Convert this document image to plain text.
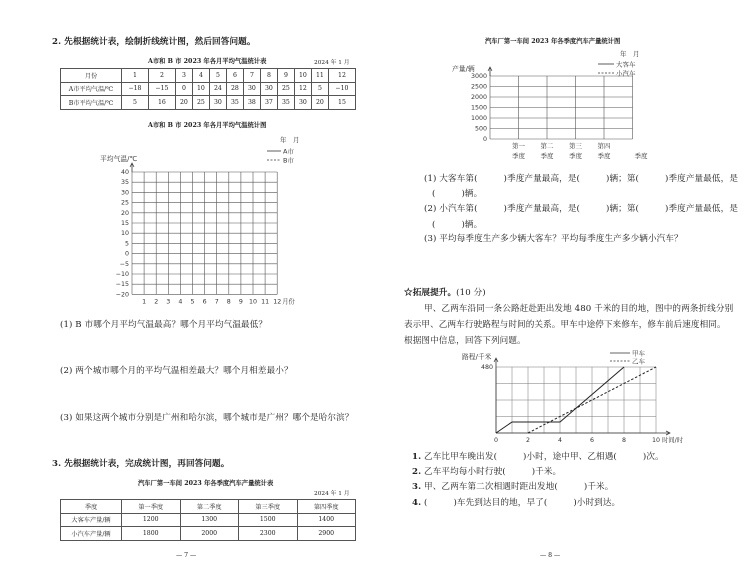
2. 先根据统计表，绘制折线统计图，然后回答问题。
A市和 B 市 2023 年各月平均气温统计表	2024 年 1 月
月份	1	2	3	4	5	6	7	8	9	10	11	12
A市平均气温/℃	−18	−15	0	10	24	28	30	30	25	12	5	−10
B市平均气温/℃	5	16	20	25	30	35	38	37	35	30	20	15
A市和 B 市 2023 年各月平均气温统计图
年　月
A市
B市
平均气温/℃
40
35
30
25
20
15
10
5
0
−5
−10
−15
−20
1 2 3 4 5 6 7 8 9 10 11 12 月份
(1) B 市哪个月平均气温最高？哪个月平均气温最低？
(2) 两个城市哪个月的平均气温相差最大？哪个月相差最小？
(3) 如果这两个城市分别是广州和哈尔滨，哪个城市是广州？哪个是哈尔滨？
3. 先根据统计表，完成统计图，再回答问题。
汽车厂第一车间 2023 年各季度汽车产量统计表
2024 年 1 月
季度	第一季度	第二季度	第三季度	第四季度
大客车产量/辆	1200	1300	1500	1400
小汽车产量/辆	1800	2000	2300	2900
— 7 —
汽车厂第一车间 2023 年各季度汽车产量统计图
年　月
大客车
小汽车
产量/辆
3000
2500
2000
1500
1000
500
0
第一 第二 第三 第四
季度 季度 季度 季度	季度
(1) 大客车第(	)季度产量最高，是(	)辆；第(	)季度产量最低，是
(	)辆。
(2) 小汽车第(	)季度产量最高，是(	)辆；第(	)季度产量最低，是
(	)辆。
(3) 平均每季度生产多少辆大客车？平均每季度生产多少辆小汽车？
☆拓展提升。(10 分)
甲、乙两车沿同一条公路赶赴距出发地 480 千米的目的地，图中的两条折线分别
表示甲、乙两车行驶路程与时间的关系。甲车中途停下来修车，修车前后速度相同。
根据图中信息，回答下列问题。
路程/千米
480
甲车
乙车
0	2	4	6	8	10 时间/时
1. 乙车比甲车晚出发(	)小时，途中甲、乙相遇(	)次。
2. 乙车平均每小时行驶(	)千米。
3. 甲、乙两车第二次相遇时距出发地(	)千米。
4. (	)车先到达目的地，早了(	)小时到达。
— 8 —
